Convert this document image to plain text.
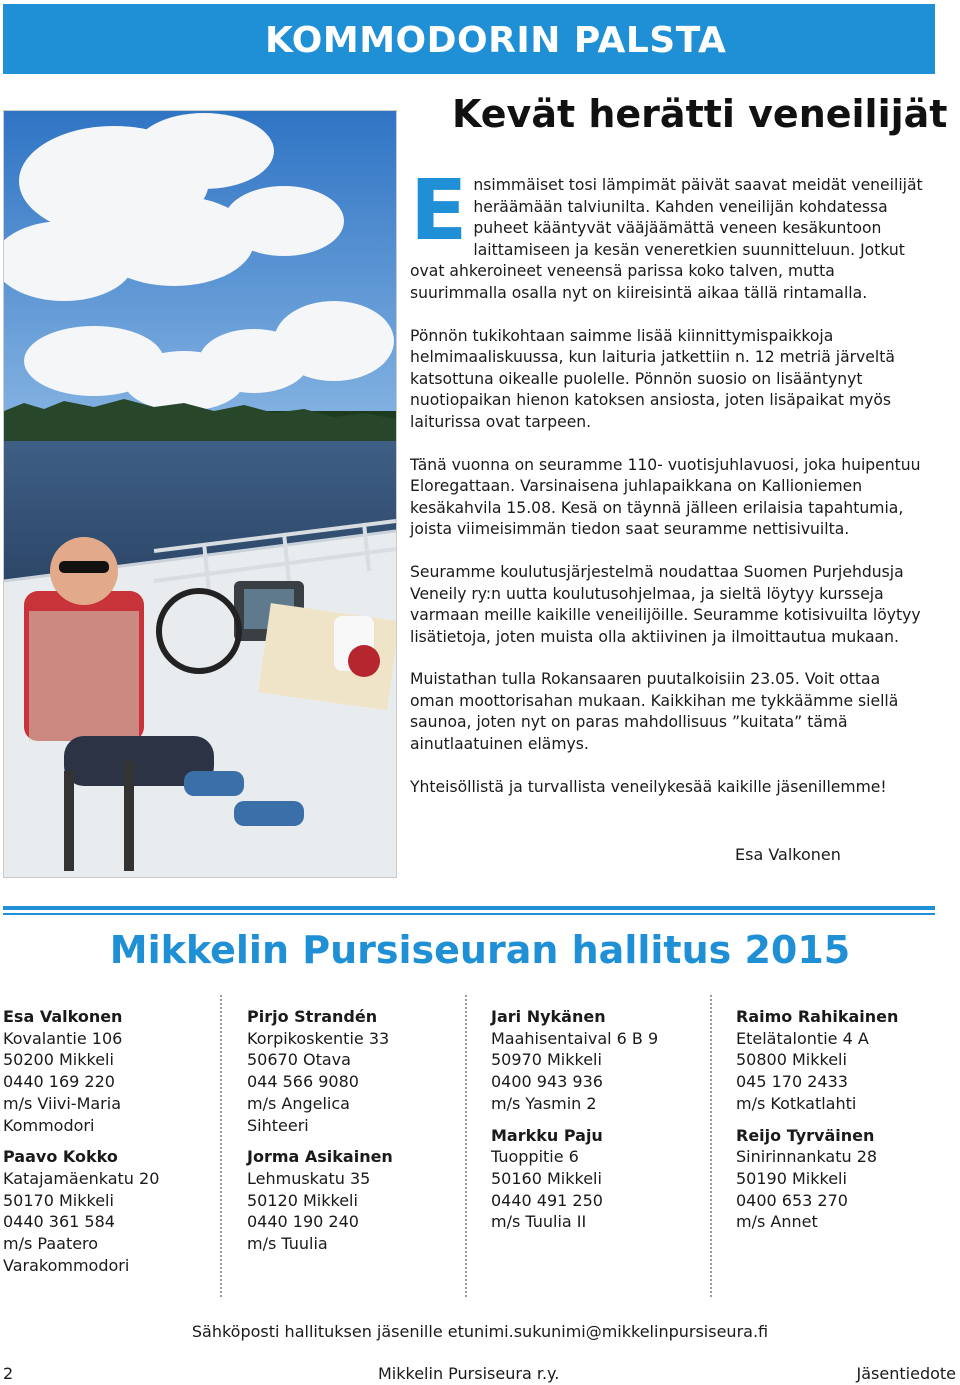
KOMMODORIN PALSTA
Kevät herätti veneilijät

Ensimmäiset tosi lämpimät päivät saavat meidät veneilijät heräämään talviunilta. Kahden veneilijän kohdatessa puheet kääntyvät vääjäämättä veneen kesäkuntoon laittamiseen ja kesän veneretkien suunnitteluun. Jotkut ovat ahkeroineet veneensä parissa koko talven, mutta suurimmalla osalla nyt on kiireisintä aikaa tällä rintamalla.

Pönnön tukikohtaan saimme lisää kiinnittymispaikkoja helmimaaliskuussa, kun laituria jatkettiin n. 12 metriä järveltä katsottuna oikealle puolelle. Pönnön suosio on lisääntynyt nuotiopaikan hienon katoksen ansiosta, joten lisäpaikat myös laiturissa ovat tarpeen.

Tänä vuonna on seuramme 110- vuotisjuhlavuosi, joka huipentuu Eloregattaan. Varsinaisena juhlapaikkana on Kallioniemen kesäkahvila 15.08. Kesä on täynnä jälleen erilaisia tapahtumia, joista viimeisimmän tiedon saat seuramme nettisivuilta.

Seuramme koulutusjärjestelmä noudattaa Suomen Purjehdusja Veneily ry:n uutta koulutusohjelmaa, ja sieltä löytyy kursseja varmaan meille kaikille veneilijöille. Seuramme kotisivuilta löytyy lisätietoja, joten muista olla aktiivinen ja ilmoittautua mukaan.

Muistathan tulla Rokansaaren puutalkoisiin 23.05. Voit ottaa oman moottorisahan mukaan. Kaikkihan me tykkäämme siellä saunoa, joten nyt on paras mahdollisuus ”kuitata” tämä ainutlaatuinen elämys.

Yhteisöllistä ja turvallista veneilykesää kaikille jäsenillemme!

Esa Valkonen
Mikkelin Pursiseuran hallitus 2015
Esa Valkonen
Kovalantie 106
50200 Mikkeli
0440 169 220
m/s Viivi-Maria
Kommodori
Paavo Kokko
Katajamäenkatu 20
50170 Mikkeli
0440 361 584
m/s Paatero
Varakommodori
Pirjo Strandén
Korpikoskentie 33
50670 Otava
044 566 9080
m/s Angelica
Sihteeri
Jorma Asikainen
Lehmuskatu 35
50120 Mikkeli
0440 190 240
m/s Tuulia
Jari Nykänen
Maahisentaival 6 B 9
50970 Mikkeli
0400 943 936
m/s Yasmin 2
Markku Paju
Tuoppitie 6
50160 Mikkeli
0440 491 250
m/s Tuulia II
Raimo Rahikainen
Etelätalontie 4 A
50800 Mikkeli
045 170 2433
m/s Kotkatlahti
Reijo Tyrväinen
Sinirinnankatu 28
50190 Mikkeli
0400 653 270
m/s Annet
Sähköposti hallituksen jäsenille etunimi.sukunimi@mikkelinpursiseura.fi
2	Mikkelin Pursiseura r.y.	Jäsentiedote
